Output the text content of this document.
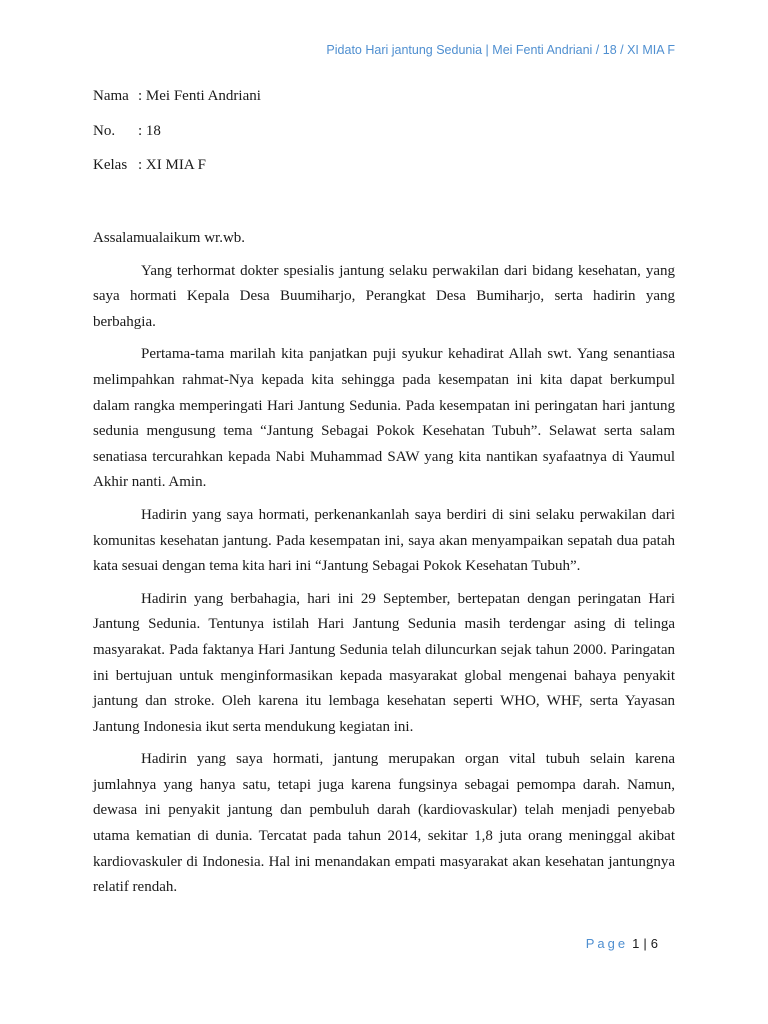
Pidato Hari jantung Sedunia | Mei Fenti Andriani / 18 / XI MIA F
Nama : Mei Fenti Andriani
No. : 18
Kelas : XI MIA F

Assalamualaikum wr.wb.

Yang terhormat dokter spesialis jantung selaku perwakilan dari bidang kesehatan, yang saya hormati Kepala Desa Buumiharjo, Perangkat Desa Bumiharjo, serta hadirin yang berbahgia.

Pertama-tama marilah kita panjatkan puji syukur kehadirat Allah swt. Yang senantiasa melimpahkan rahmat-Nya kepada kita sehingga pada kesempatan ini kita dapat berkumpul dalam rangka memperingati Hari Jantung Sedunia. Pada kesempatan ini peringatan hari jantung sedunia mengusung tema “Jantung Sebagai Pokok Kesehatan Tubuh”. Selawat serta salam senatiasa tercurahkan kepada Nabi Muhammad SAW yang kita nantikan syafaatnya di Yaumul Akhir nanti. Amin.

Hadirin yang saya hormati, perkenankanlah saya berdiri di sini selaku perwakilan dari komunitas kesehatan jantung. Pada kesempatan ini, saya akan menyampaikan sepatah dua patah kata sesuai dengan tema kita hari ini “Jantung Sebagai Pokok Kesehatan Tubuh”.

Hadirin yang berbahagia, hari ini 29 September, bertepatan dengan peringatan Hari Jantung Sedunia. Tentunya istilah Hari Jantung Sedunia masih terdengar asing di telinga masyarakat. Pada faktanya Hari Jantung Sedunia telah diluncurkan sejak tahun 2000. Paringatan ini bertujuan untuk menginformasikan kepada masyarakat global mengenai bahaya penyakit jantung dan stroke. Oleh karena itu lembaga kesehatan seperti WHO, WHF, serta Yayasan Jantung Indonesia ikut serta mendukung kegiatan ini.

Hadirin yang saya hormati, jantung merupakan organ vital tubuh selain karena jumlahnya yang hanya satu, tetapi juga karena fungsinya sebagai pemompa darah. Namun, dewasa ini penyakit jantung dan pembuluh darah (kardiovaskular) telah menjadi penyebab utama kematian di dunia. Tercatat pada tahun 2014, sekitar 1,8 juta orang meninggal akibat kardiovaskuler di Indonesia. Hal ini menandakan empati masyarakat akan kesehatan jantungnya relatif rendah.

Page 1 | 6
